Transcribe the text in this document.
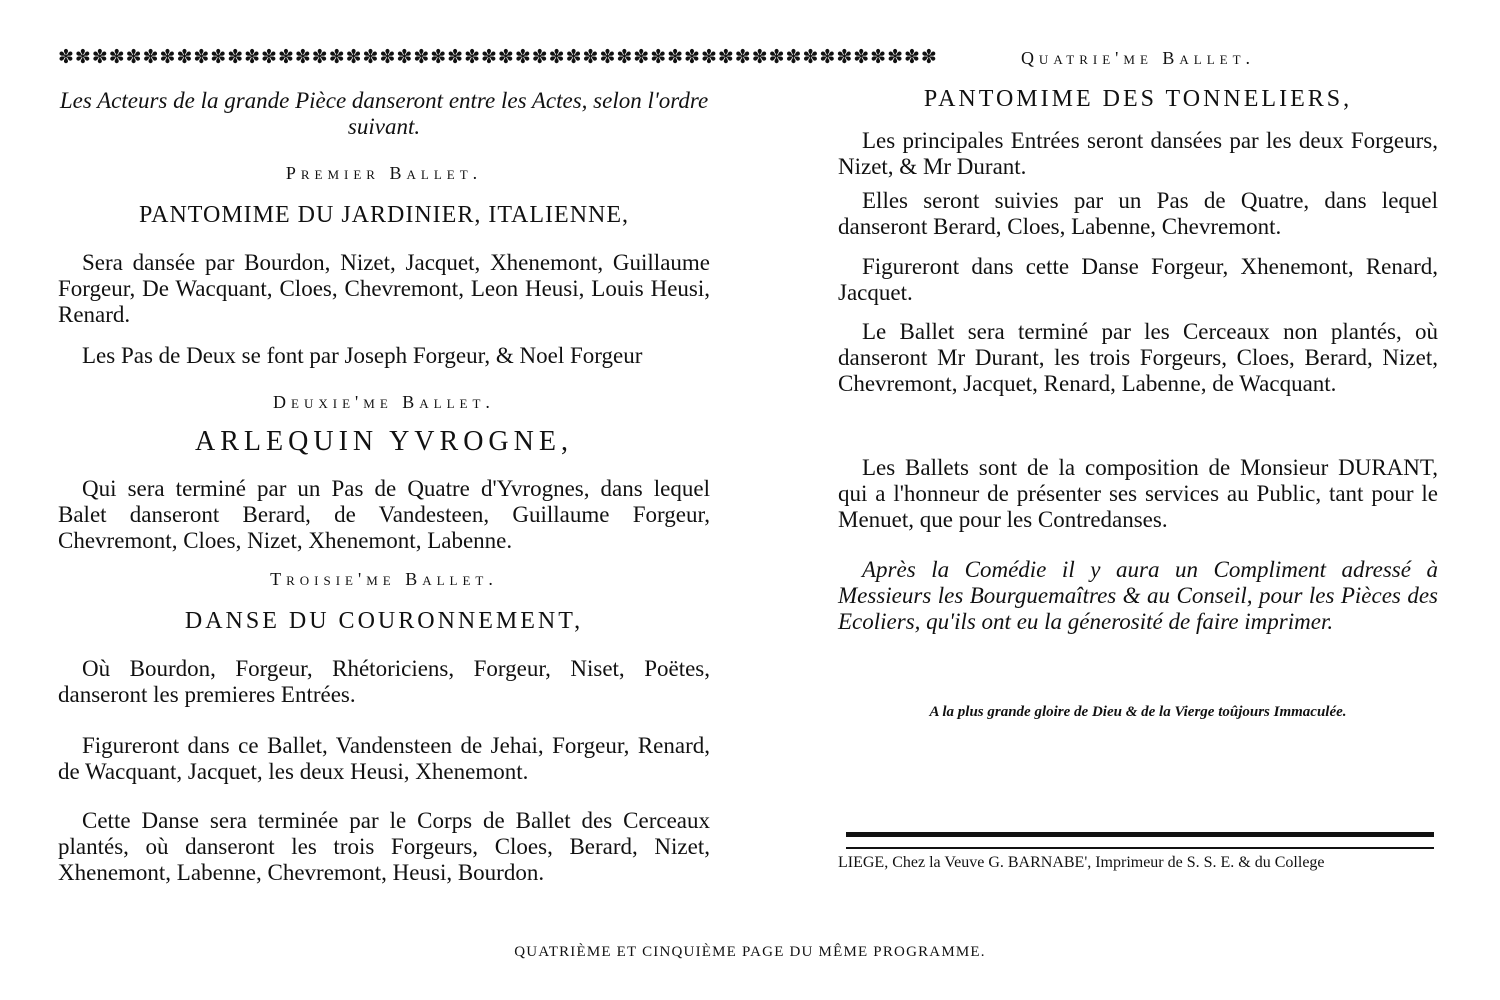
✽✽✽✽✽✽✽✽✽✽✽✽✽✽✽✽✽✽✽✽✽✽✽✽✽✽✽✽✽✽✽✽✽✽✽✽✽✽✽✽✽✽✽✽✽✽✽✽✽✽✽✽

Les Acteurs de la grande Pièce danseront entre les Actes, selon l'ordre suivant.

Premier Ballet.

PANTOMIME DU JARDINIER, ITALIENNE,

Sera dansée par Bourdon, Nizet, Jacquet, Xhenemont, Guillaume Forgeur, De Wacquant, Cloes, Chevremont, Leon Heusi, Louis Heusi, Renard.

Les Pas de Deux se font par Joseph Forgeur, & Noel Forgeur

Deuxie'me Ballet.

ARLEQUIN YVROGNE,

Qui sera terminé par un Pas de Quatre d'Yvrognes, dans lequel Balet danseront Berard, de Vandesteen, Guillaume Forgeur, Chevremont, Cloes, Nizet, Xhenemont, Labenne.

Troisie'me Ballet.

DANSE DU COURONNEMENT,

Où Bourdon, Forgeur, Rhétoriciens, Forgeur, Niset, Poëtes, danseront les premieres Entrées.

Figureront dans ce Ballet, Vandensteen de Jehai, Forgeur, Renard, de Wacquant, Jacquet, les deux Heusi, Xhenemont.

Cette Danse sera terminée par le Corps de Ballet des Cerceaux plantés, où danseront les trois Forgeurs, Cloes, Berard, Nizet, Xhenemont, Labenne, Chevremont, Heusi, Bourdon.

Quatrie'me Ballet.

PANTOMIME DES TONNELIERS,

Les principales Entrées seront dansées par les deux Forgeurs, Nizet, & Mr Durant.

Elles seront suivies par un Pas de Quatre, dans lequel danseront Berard, Cloes, Labenne, Chevremont.

Figureront dans cette Danse Forgeur, Xhenemont, Renard, Jacquet.

Le Ballet sera terminé par les Cerceaux non plantés, où danseront Mr Durant, les trois Forgeurs, Cloes, Berard, Nizet, Chevremont, Jacquet, Renard, Labenne, de Wacquant.

Les Ballets sont de la composition de Monsieur DURANT, qui a l'honneur de présenter ses services au Public, tant pour le Menuet, que pour les Contredanses.

Après la Comédie il y aura un Compliment adressé à Messieurs les Bourguemaîtres & au Conseil, pour les Pièces des Ecoliers, qu'ils ont eu la génerosité de faire imprimer.

A la plus grande gloire de Dieu & de la Vierge toûjours Immaculée.

LIEGE, Chez la Veuve G. BARNABE', Imprimeur de S. S. E. & du College

QUATRIÈME ET CINQUIÈME PAGE DU MÊME PROGRAMME.
